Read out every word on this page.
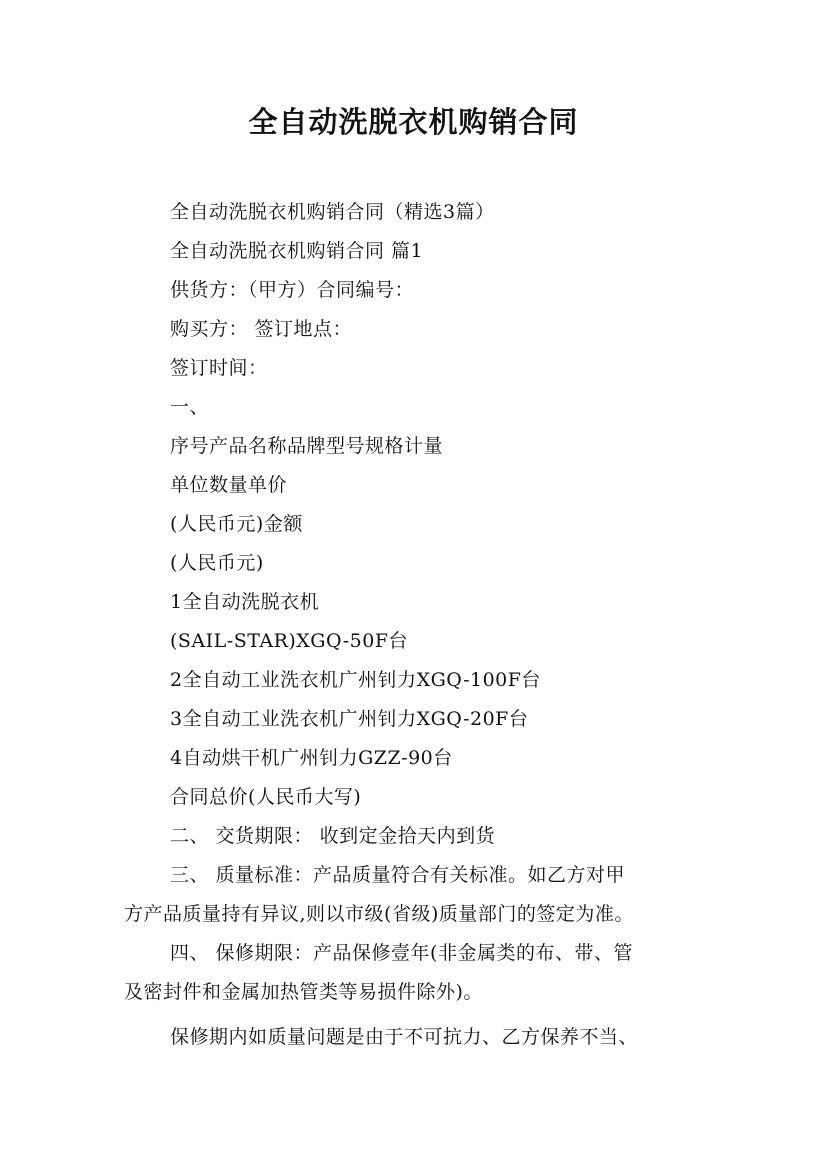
全自动洗脱衣机购销合同
全自动洗脱衣机购销合同（精选3篇）
全自动洗脱衣机购销合同 篇1
供货方：（甲方）合同编号：
购买方： 签订地点：
签订时间：
一、
序号产品名称品牌型号规格计量
单位数量单价
(人民币元)金额
(人民币元)
1全自动洗脱衣机
(SAIL-STAR)XGQ-50F台
2全自动工业洗衣机广州钊力XGQ-100F台
3全自动工业洗衣机广州钊力XGQ-20F台
4自动烘干机广州钊力GZZ-90台
合同总价(人民币大写)
二、 交货期限： 收到定金拾天内到货
三、 质量标准：产品质量符合有关标准。如乙方对甲
方产品质量持有异议,则以市级(省级)质量部门的签定为准。
四、 保修期限：产品保修壹年(非金属类的布、带、管
及密封件和金属加热管类等易损件除外)。
保修期内如质量问题是由于不可抗力、乙方保养不当、
